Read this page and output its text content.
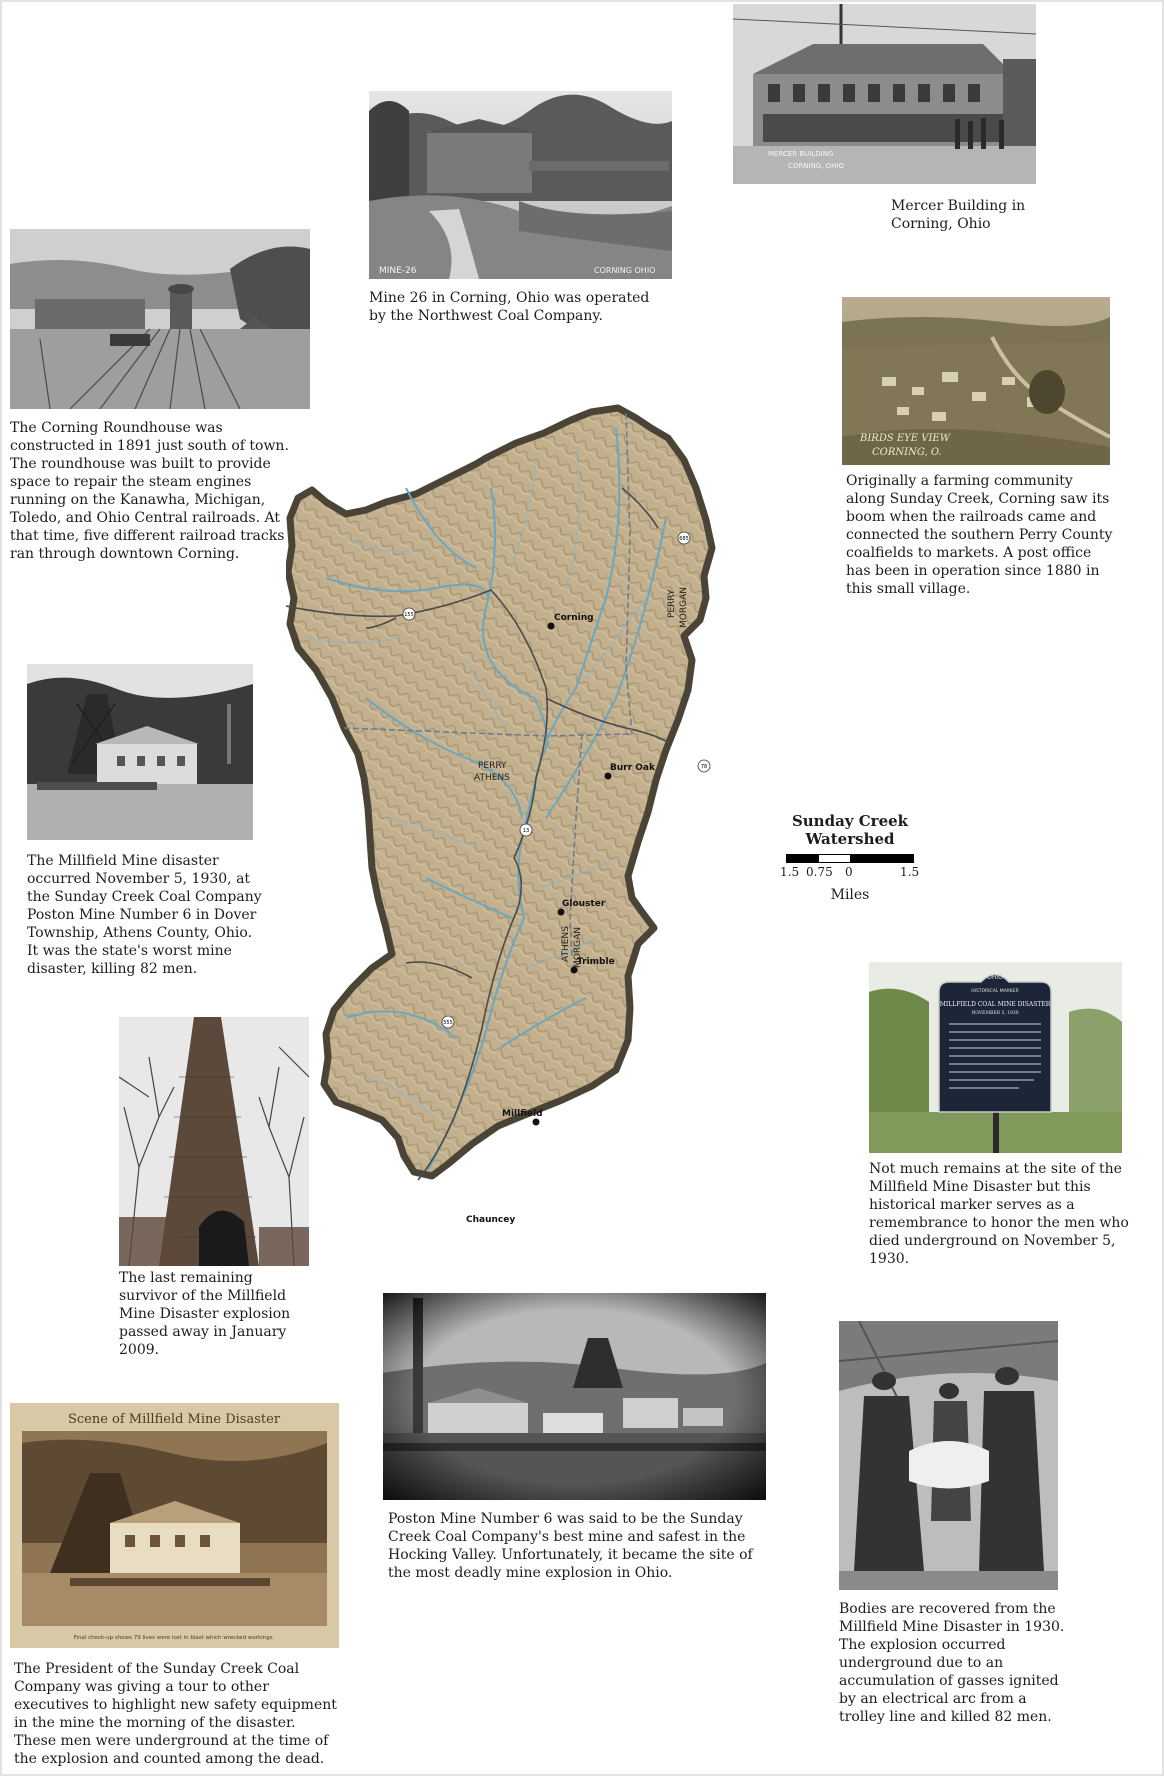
MINE-26	CORNING OHIO

Mine 26 in Corning, Ohio was operated by the Northwest Coal Company.

MERCER BUILDING
CORNING, OHIO

Mercer Building in Corning, Ohio

The Corning Roundhouse was constructed in 1891 just south of town. The roundhouse was built to provide space to repair the steam engines running on the Kanawha, Michigan, Toledo, and Ohio Central railroads. At that time, five different railroad tracks ran through downtown Corning.

BIRDS EYE VIEW
CORNING, O.

Originally a farming community along Sunday Creek, Corning saw its boom when the railroads came and connected the southern Perry County coalfields to markets. A post office has been in operation since 1880 in this small village.

The Millfield Mine disaster occurred November 5, 1930, at the Sunday Creek Coal Company Poston Mine Number 6 in Dover Township, Athens County, Ohio. It was the state's worst mine disaster, killing 82 men.

OHIO
HISTORICAL MARKER
MILLFIELD COAL MINE DISASTER
NOVEMBER 5, 1930

Not much remains at the site of the Millfield Mine Disaster but this historical marker serves as a remembrance to honor the men who died underground on November 5, 1930.

The last remaining survivor of the Millfield Mine Disaster explosion passed away in January 2009.

Poston Mine Number 6 was said to be the Sunday Creek Coal Company's best mine and safest in the Hocking Valley. Unfortunately, it became the site of the most deadly mine explosion in Ohio.

Bodies are recovered from the Millfield Mine Disaster in 1930. The explosion occurred underground due to an accumulation of gasses ignited by an electrical arc from a trolley line and killed 82 men.

Scene of Millfield Mine Disaster
Final check-up shows 79 lives were lost in blast which wrecked workings.

The President of the Sunday Creek Coal Company was giving a tour to other executives to highlight new safety equipment in the mine the morning of the disaster. These men were underground at the time of the explosion and counted among the dead.

155
13
555
78
685
Corning
Burr Oak
Glouster
Trimble
Millfield
Chauncey
PERRY
ATHENS
PERRY MORGAN
ATHENS MORGAN
Sunday Creek
Watershed
1.5 0.75 0	1.5
Miles
